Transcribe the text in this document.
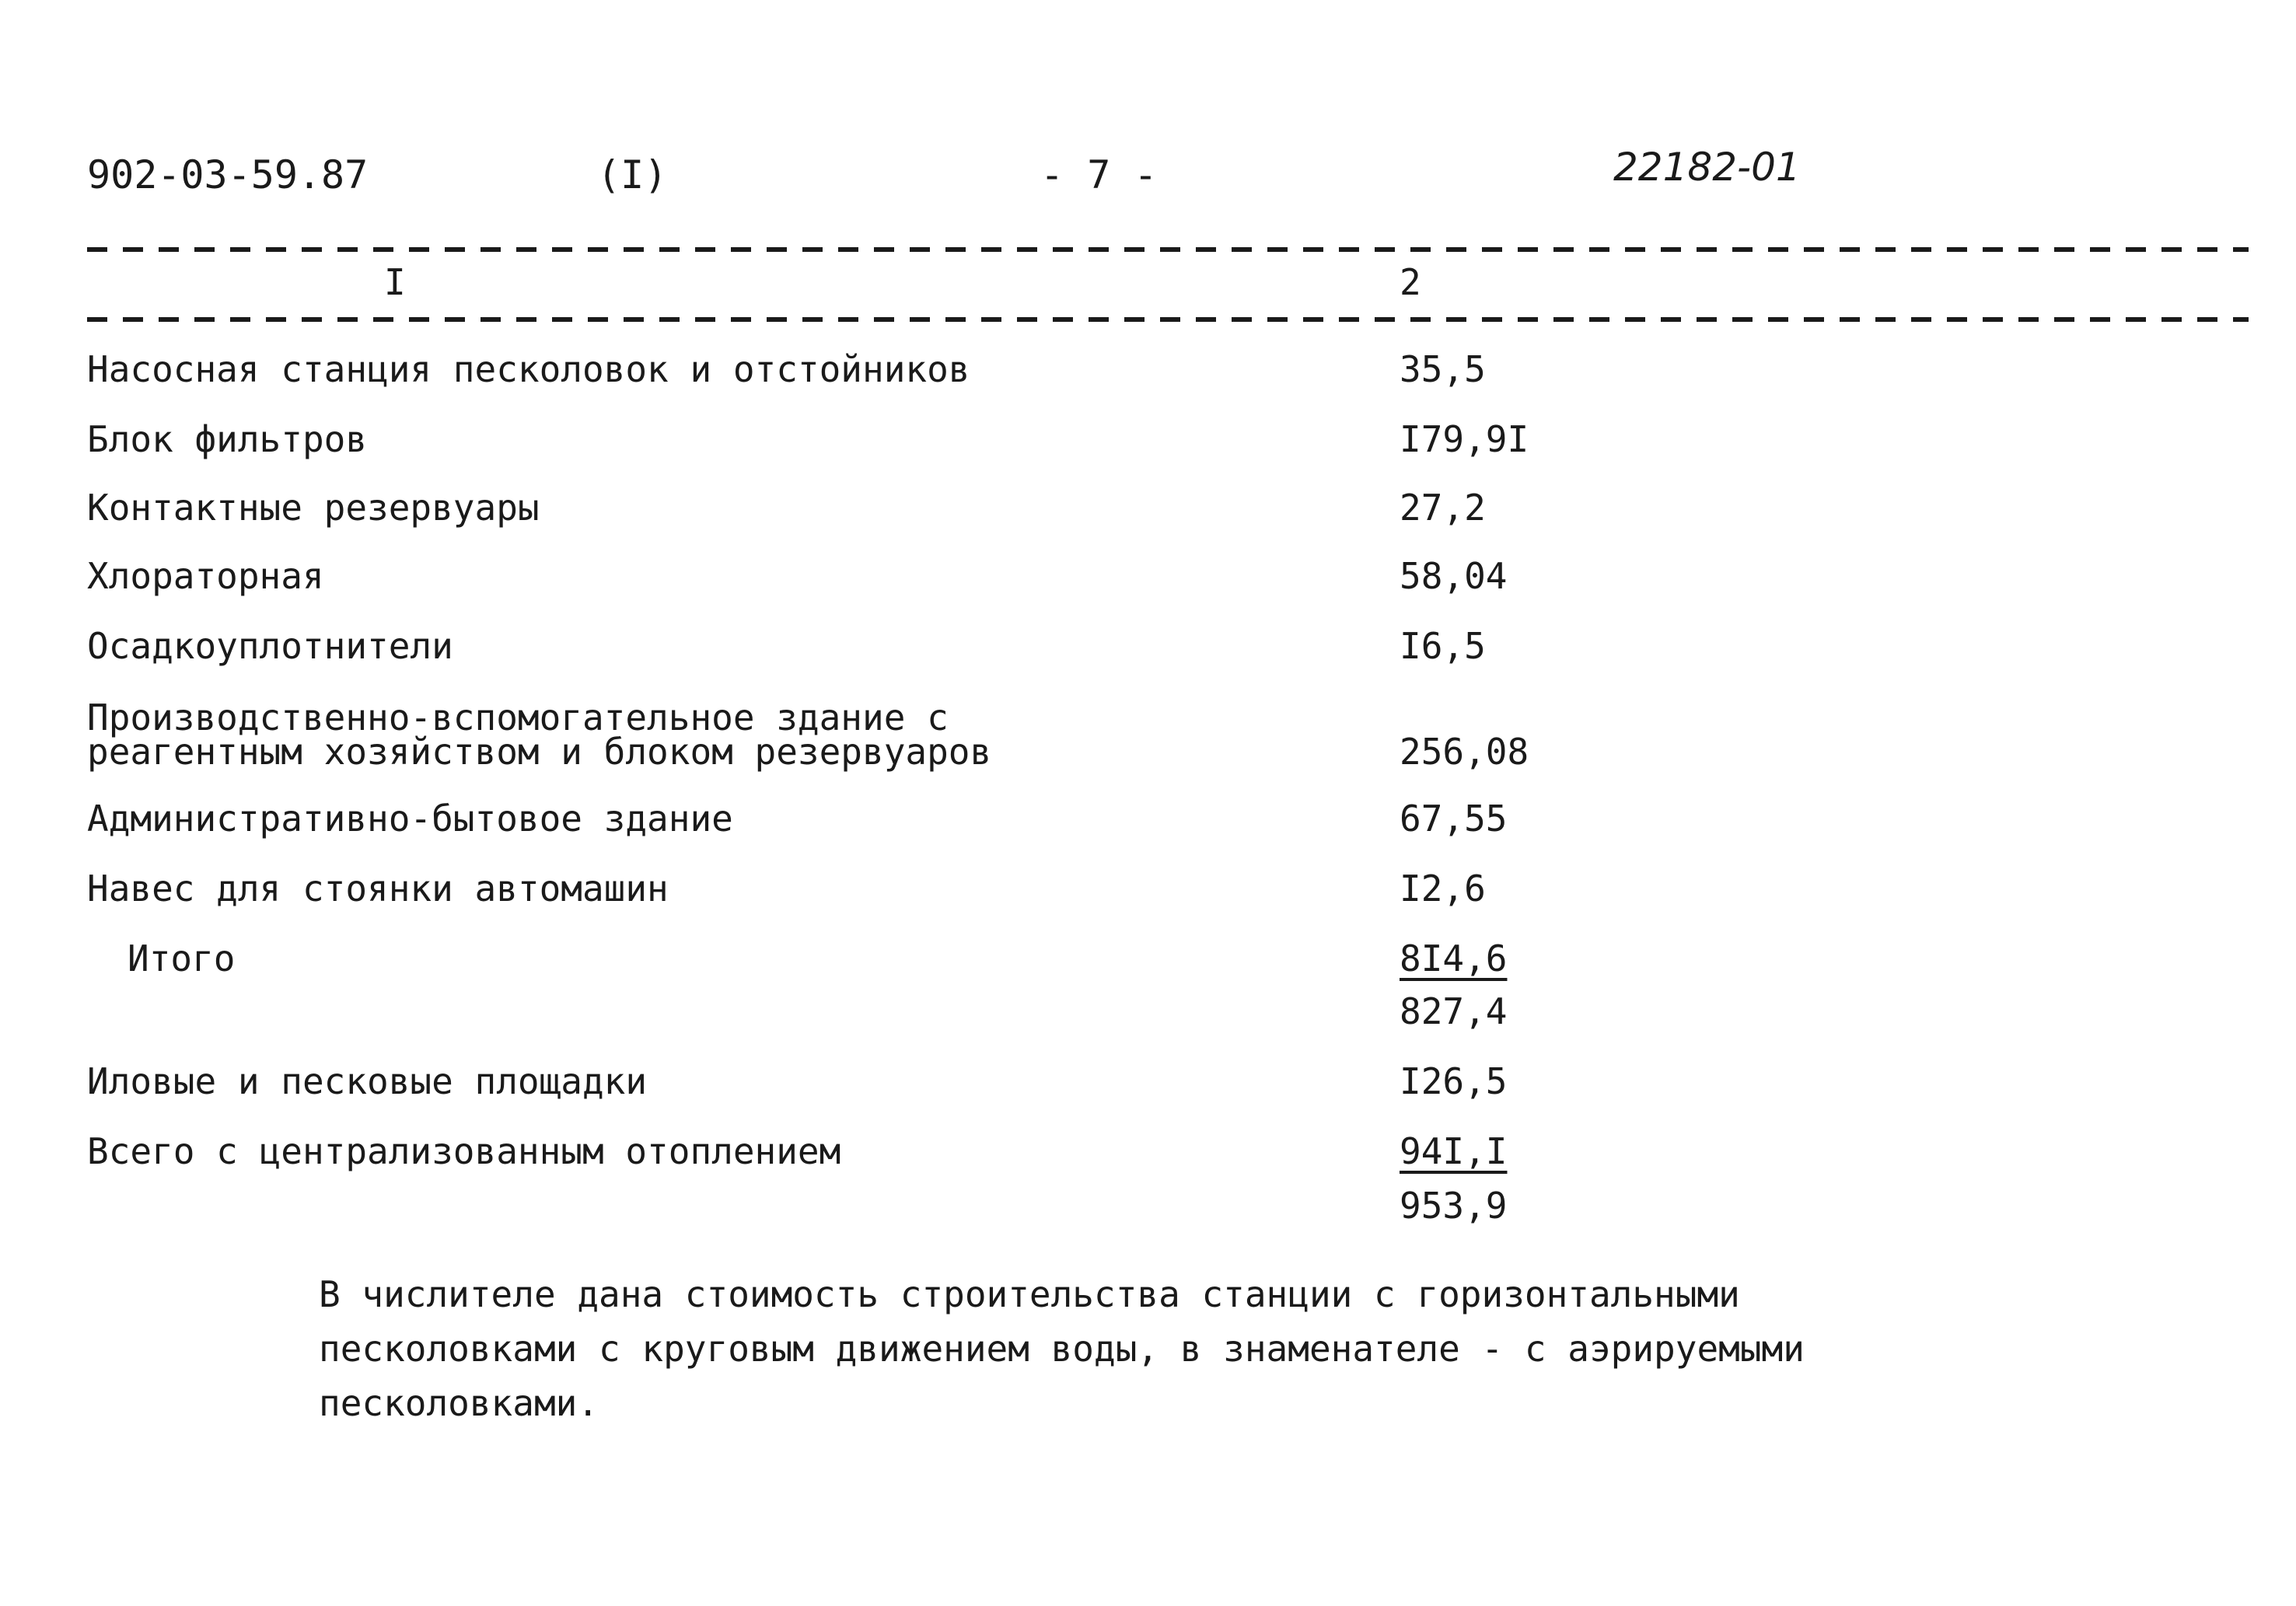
902-03-59.87	(I)	- 7 -	22182-01
I	2
Насосная станция песколовок и отстойников	35,5
Блок фильтров	I79,9I
Контактные резервуары	27,2
Хлораторная	58,04
Осадкоуплотнители	I6,5
Производственно-вспомогательное здание с
реагентным хозяйством и блоком резервуаров	256,08
Административно-бытовое здание	67,55
Навес для стоянки автомашин	I2,6
Итого	8I4,6
827,4
Иловые и песковые площадки	I26,5
Всего с централизованным отоплением	94I,I
953,9
В числителе дана стоимость строительства станции с горизонтальными песколовками с круговым движением воды, в знаменателе - с аэрируемыми песколовками.
